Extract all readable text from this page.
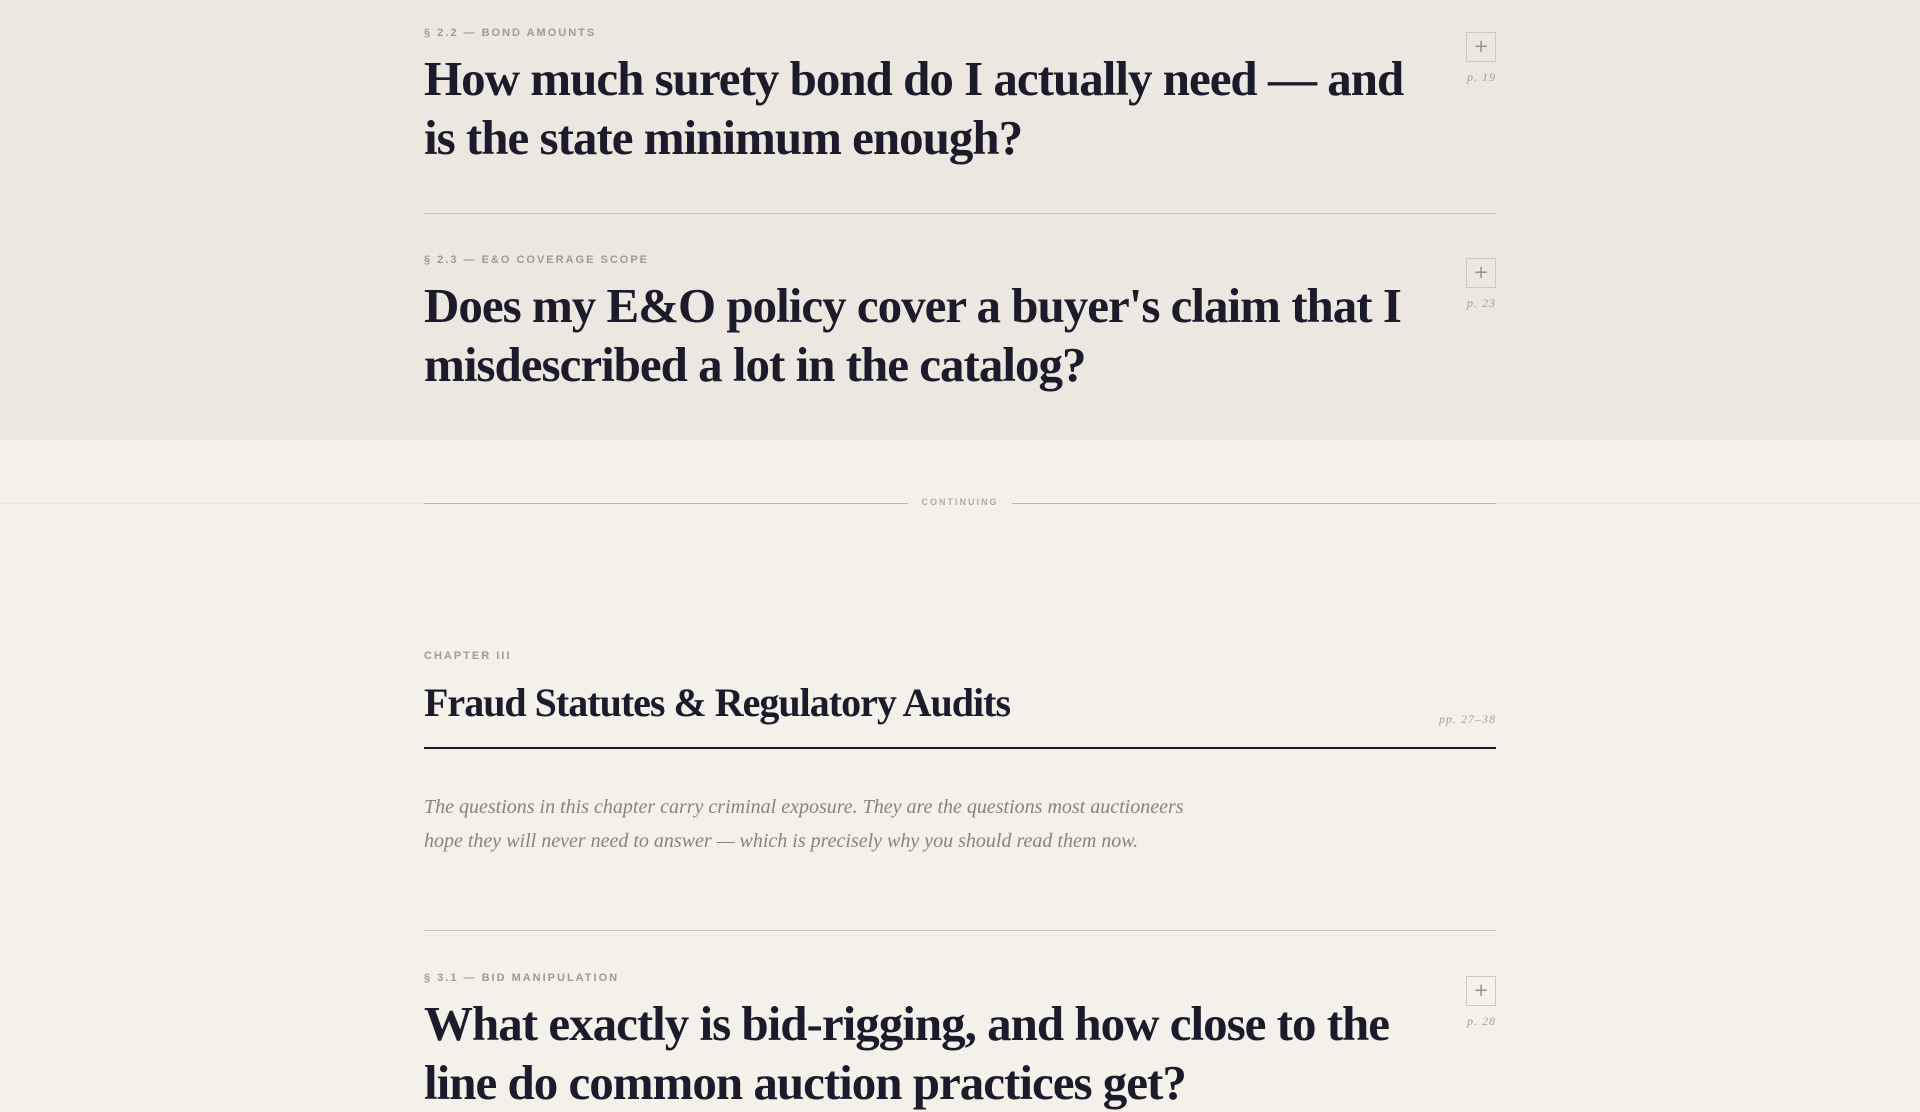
§ 2.2 — BOND AMOUNTS
How much surety bond do I actually need — and is the state minimum enough?
+
p. 19
§ 2.3 — E&O COVERAGE SCOPE
Does my E&O policy cover a buyer's claim that I misdescribed a lot in the catalog?
+
p. 23
CONTINUING
CHAPTER III
Fraud Statutes & Regulatory Audits	pp. 27–38

The questions in this chapter carry criminal exposure. They are the questions most auctioneers hope they will never need to answer — which is precisely why you should read them now.

§ 3.1 — BID MANIPULATION
What exactly is bid-rigging, and how close to the line do common auction practices get?
+
p. 28
